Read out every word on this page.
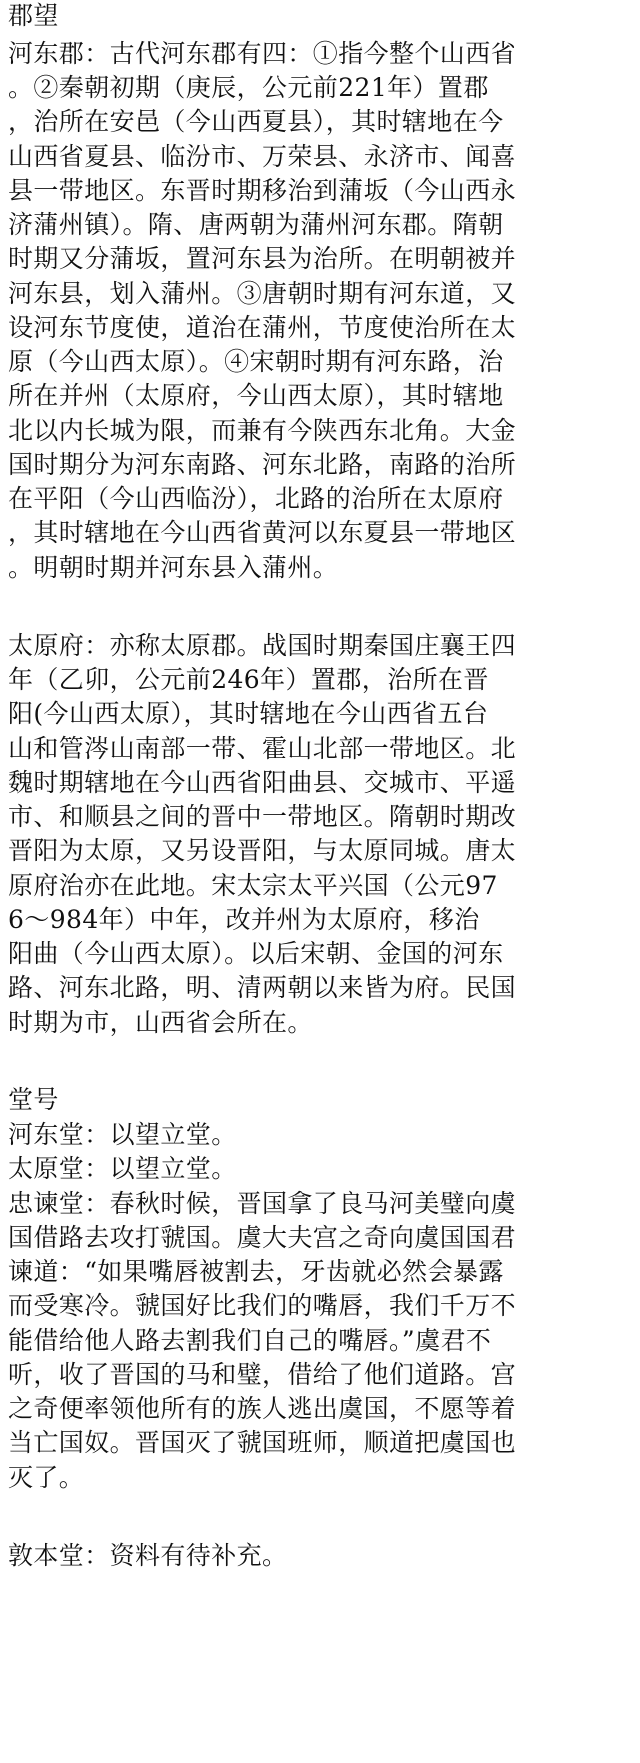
郡望
河东郡：古代河东郡有四：①指今整个山西省
。②秦朝初期（庚辰，公元前221年）置郡
，治所在安邑（今山西夏县），其时辖地在今
山西省夏县、临汾市、万荣县、永济市、闻喜
县一带地区。东晋时期移治到蒲坂（今山西永
济蒲州镇）。隋、唐两朝为蒲州河东郡。隋朝
时期又分蒲坂，置河东县为治所。在明朝被并
河东县，划入蒲州。③唐朝时期有河东道，又
设河东节度使，道治在蒲州，节度使治所在太
原（今山西太原）。④宋朝时期有河东路，治
所在并州（太原府，今山西太原），其时辖地
北以内长城为限，而兼有今陕西东北角。大金
国时期分为河东南路、河东北路，南路的治所
在平阳（今山西临汾），北路的治所在太原府
，其时辖地在今山西省黄河以东夏县一带地区
。明朝时期并河东县入蒲州。
太原府：亦称太原郡。战国时期秦国庄襄王四
年（乙卯，公元前246年）置郡，治所在晋
阳(今山西太原），其时辖地在今山西省五台
山和管涔山南部一带、霍山北部一带地区。北
魏时期辖地在今山西省阳曲县、交城市、平遥
市、和顺县之间的晋中一带地区。隋朝时期改
晋阳为太原，又另设晋阳，与太原同城。唐太
原府治亦在此地。宋太宗太平兴国（公元97
6～984年）中年，改并州为太原府，移治
阳曲（今山西太原）。以后宋朝、金国的河东
路、河东北路，明、清两朝以来皆为府。民国
时期为市，山西省会所在。
堂号
河东堂：以望立堂。
太原堂：以望立堂。
忠谏堂：春秋时候，晋国拿了良马河美璧向虞
国借路去攻打虢国。虞大夫宫之奇向虞国国君
谏道：“如果嘴唇被割去，牙齿就必然会暴露
而受寒冷。虢国好比我们的嘴唇，我们千万不
能借给他人路去割我们自己的嘴唇。”虞君不
听，收了晋国的马和璧，借给了他们道路。宫
之奇便率领他所有的族人逃出虞国，不愿等着
当亡国奴。晋国灭了虢国班师，顺道把虞国也
灭了。
敦本堂：资料有待补充。
